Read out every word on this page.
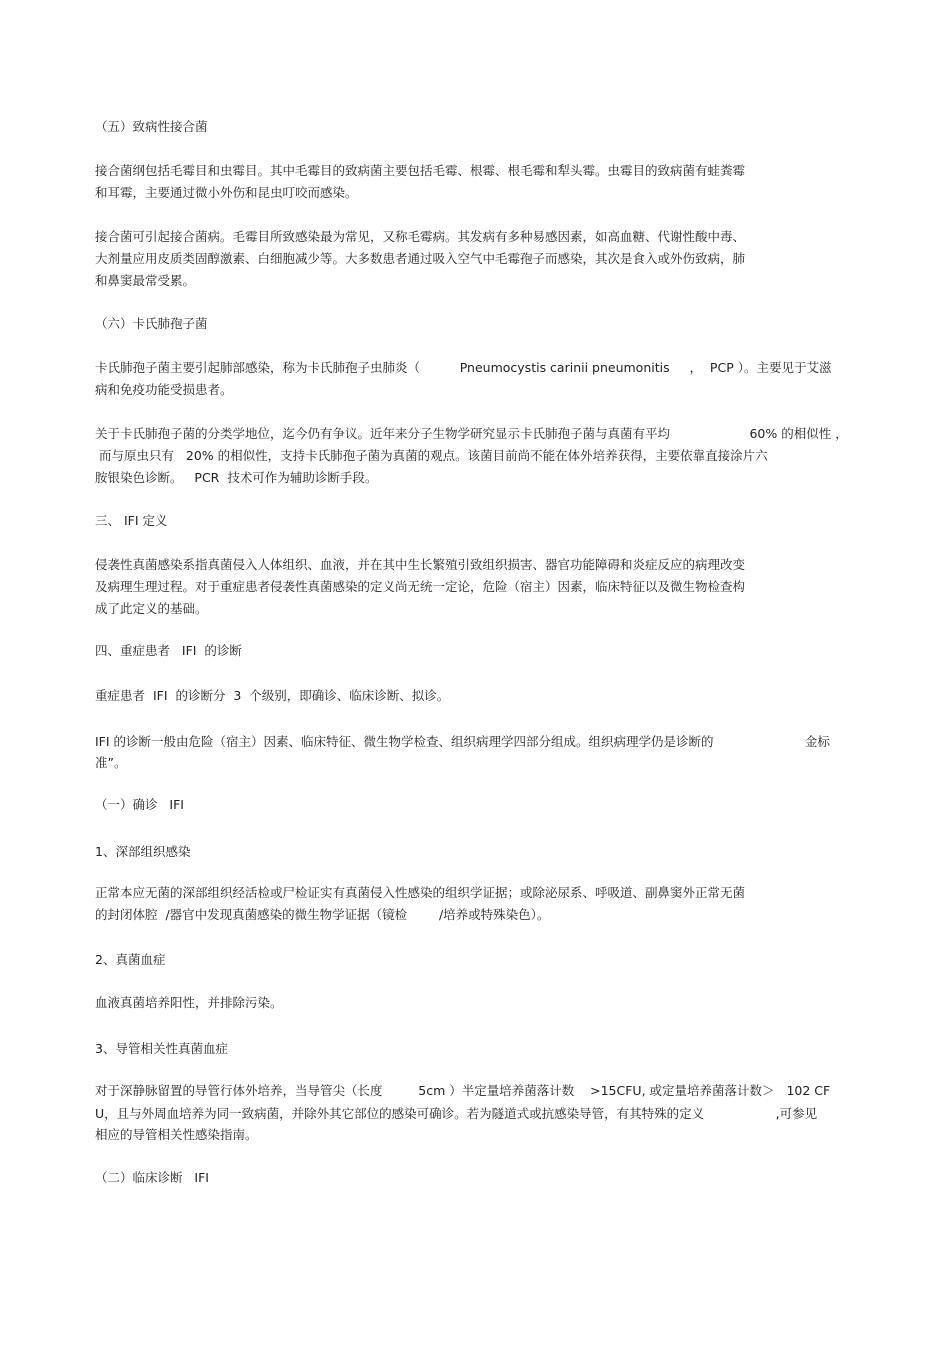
（五）致病性接合菌
接合菌纲包括毛霉目和虫霉目。其中毛霉目的致病菌主要包括毛霉、根霉、根毛霉和犁头霉。虫霉目的致病菌有蛙粪霉
和耳霉，主要通过微小外伤和昆虫叮咬而感染。
接合菌可引起接合菌病。毛霉目所致感染最为常见，又称毛霉病。其发病有多种易感因素，如高血糖、代谢性酸中毒、
大剂量应用皮质类固醇激素、白细胞减少等。大多数患者通过吸入空气中毛霉孢子而感染，其次是食入或外伤致病，肺
和鼻窦最常受累。
（六）卡氏肺孢子菌
卡氏肺孢子菌主要引起肺部感染，称为卡氏肺孢子虫肺炎（          Pneumocystis carinii pneumonitis     ，  PCP ）。主要见于艾滋
病和免疫功能受损患者。
关于卡氏肺孢子菌的分类学地位，迄今仍有争议。近年来分子生物学研究显示卡氏肺孢子菌与真菌有平均                    60% 的相似性 ，
而与原虫只有   20% 的相似性，支持卡氏肺孢子菌为真菌的观点。该菌目前尚不能在体外培养获得，主要依靠直接涂片六
胺银染色诊断。   PCR  技术可作为辅助诊断手段。
三、 IFI 定义
侵袭性真菌感染系指真菌侵入人体组织、血液，并在其中生长繁殖引致组织损害、器官功能障碍和炎症反应的病理改变
及病理生理过程。对于重症患者侵袭性真菌感染的定义尚无统一定论，危险（宿主）因素，临床特征以及微生物检查构
成了此定义的基础。
四、重症患者   IFI  的诊断
重症患者  IFI  的诊断分  3  个级别，即确诊、临床诊断、拟诊。
IFI 的诊断一般由危险（宿主）因素、临床特征、微生物学检查、组织病理学四部分组成。组织病理学仍是诊断的                       金标
准”。
（一）确诊   IFI
1、深部组织感染
正常本应无菌的深部组织经活检或尸检证实有真菌侵入性感染的组织学证据；或除泌尿系、呼吸道、副鼻窦外正常无菌
的封闭体腔  /器官中发现真菌感染的微生物学证据（镜检        /培养或特殊染色）。
2、真菌血症
血液真菌培养阳性，并排除污染。
3、导管相关性真菌血症
对于深静脉留置的导管行体外培养，当导管尖（长度         5cm ）半定量培养菌落计数    >15CFU, 或定量培养菌落计数＞   102 CF
U，且与外周血培养为同一致病菌，并除外其它部位的感染可确诊。若为隧道式或抗感染导管，有其特殊的定义                  ,可参见
相应的导管相关性感染指南。
（二）临床诊断   IFI
